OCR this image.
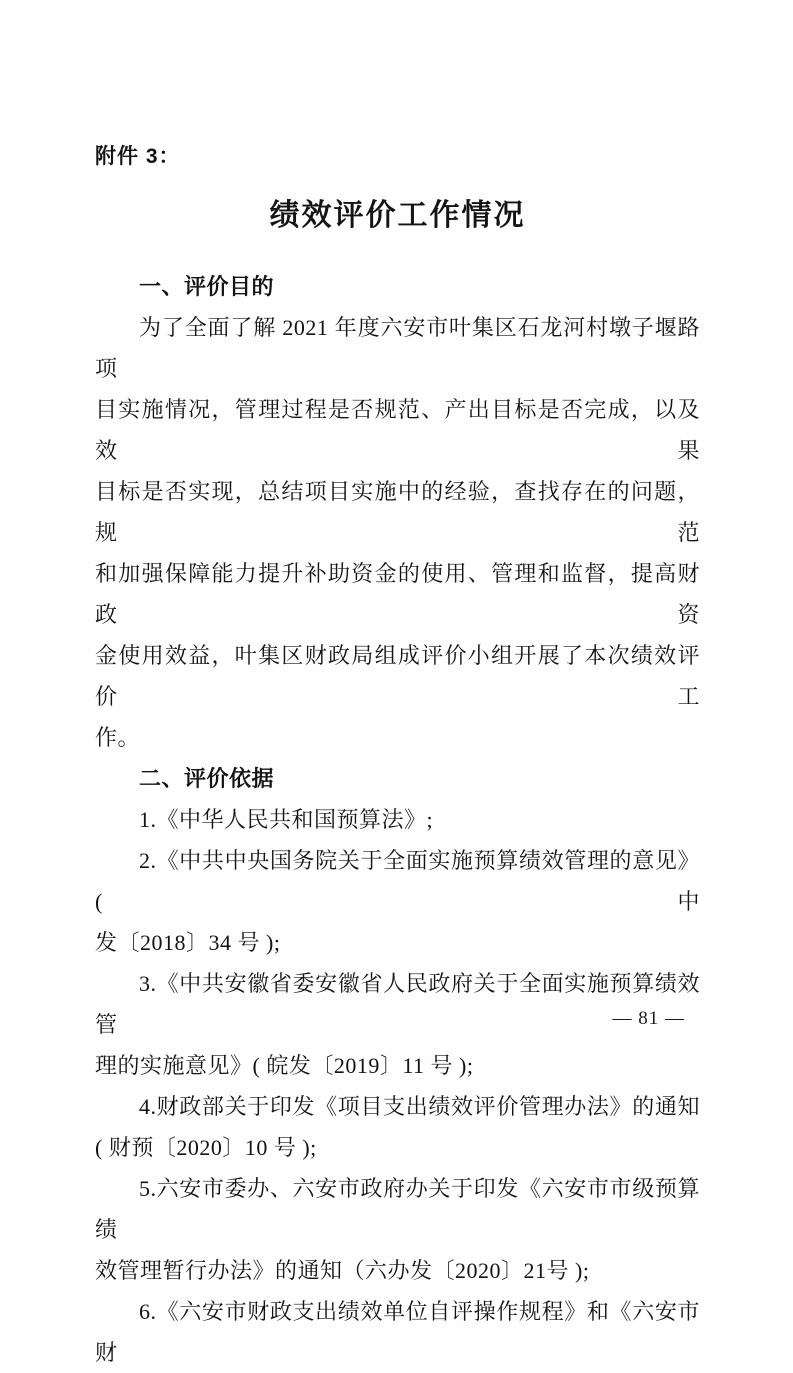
附件 3：
绩效评价工作情况
一、评价目的
为了全面了解 2021 年度六安市叶集区石龙河村墩子堰路项
目实施情况，管理过程是否规范、产出目标是否完成，以及效果
目标是否实现，总结项目实施中的经验，查找存在的问题，规范
和加强保障能力提升补助资金的使用、管理和监督，提高财政资
金使用效益，叶集区财政局组成评价小组开展了本次绩效评价工
作。
二、评价依据
1.《中华人民共和国预算法》;
2.《中共中央国务院关于全面实施预算绩效管理的意见》( 中
发〔2018〕34 号 );
3.《中共安徽省委安徽省人民政府关于全面实施预算绩效管
理的实施意见》( 皖发〔2019〕11 号 );
4.财政部关于印发《项目支出绩效评价管理办法》的通知
( 财预〔2020〕10 号 );
5.六安市委办、六安市政府办关于印发《六安市市级预算绩
效管理暂行办法》的通知（六办发〔2020〕21号 );
6.《六安市财政支出绩效单位自评操作规程》和《六安市财
— 81 —
